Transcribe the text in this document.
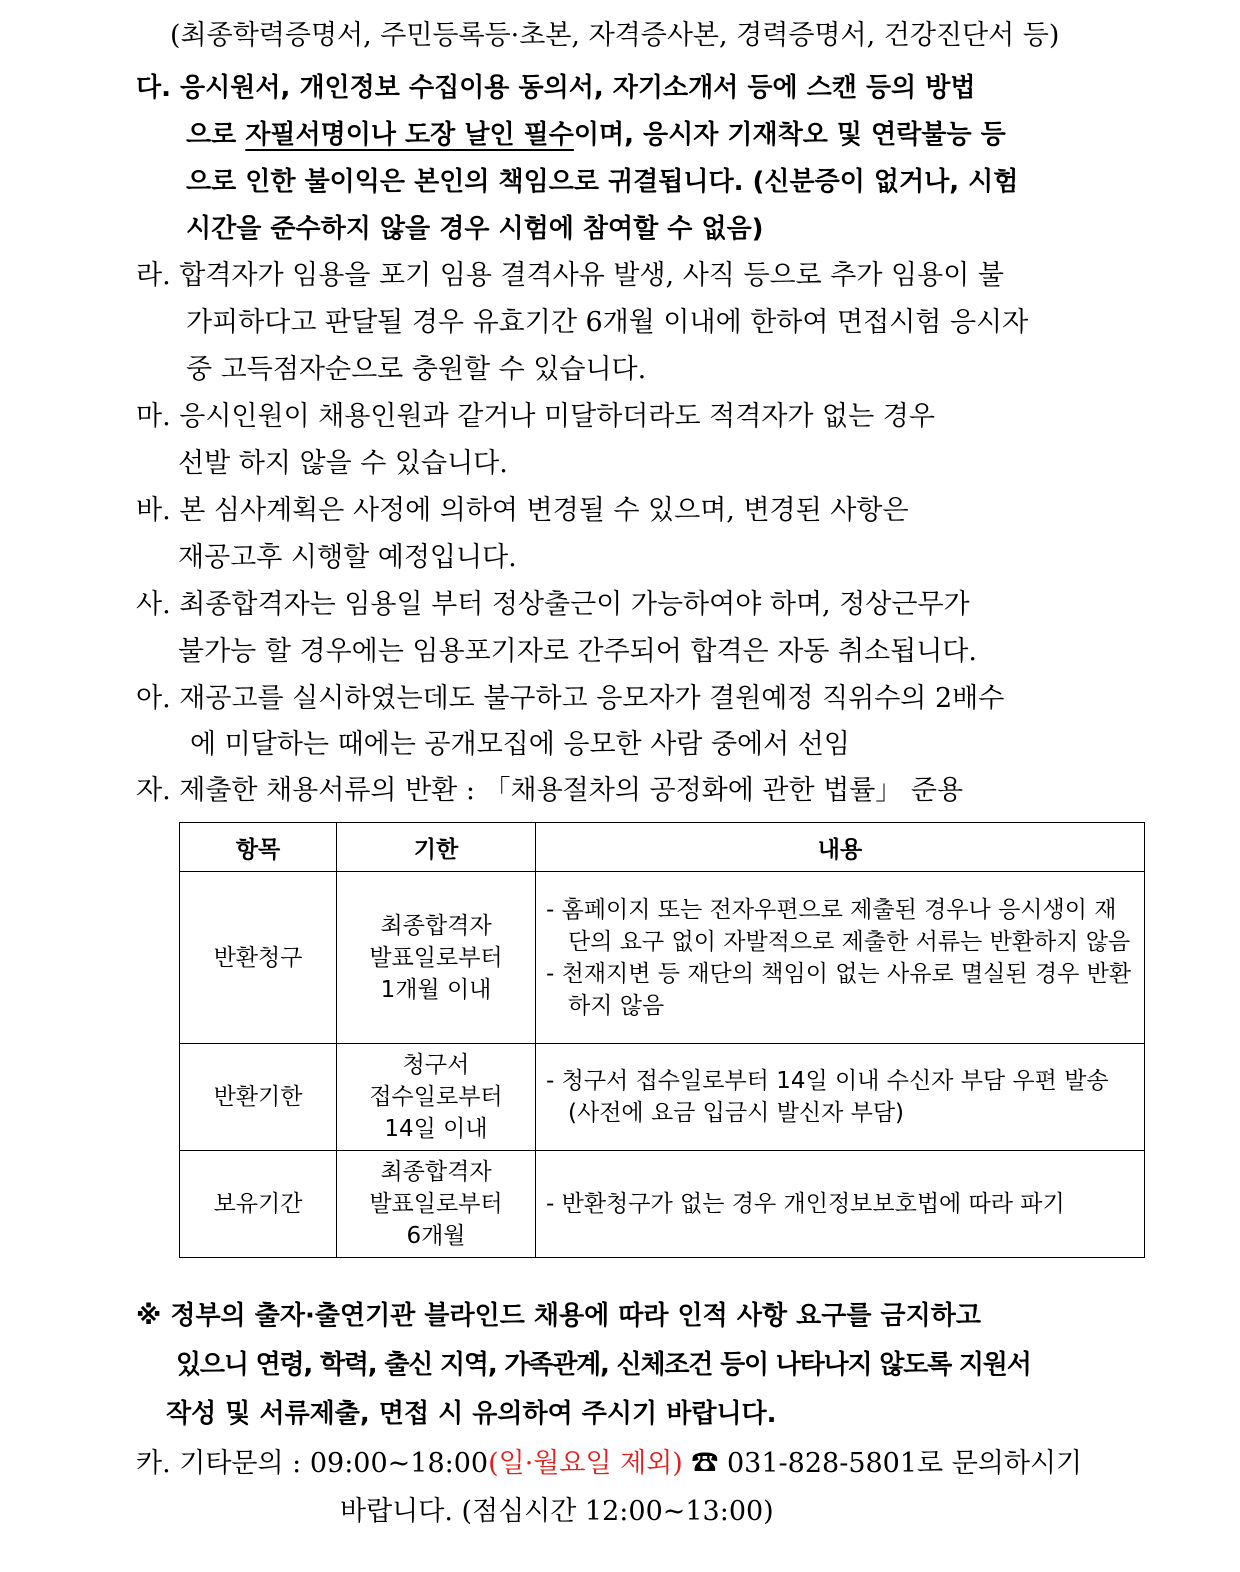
(최종학력증명서, 주민등록등·초본, 자격증사본, 경력증명서, 건강진단서 등)
다. 응시원서, 개인정보 수집이용 동의서, 자기소개서 등에 스캔 등의 방법
으로 자필서명이나 도장 날인 필수이며, 응시자 기재착오 및 연락불능 등
으로 인한 불이익은 본인의 책임으로 귀결됩니다. (신분증이 없거나, 시험
시간을 준수하지 않을 경우 시험에 참여할 수 없음)
라. 합격자가 임용을 포기 임용 결격사유 발생, 사직 등으로 추가 임용이 불
가피하다고 판달될 경우 유효기간 6개월 이내에 한하여 면접시험 응시자
중 고득점자순으로 충원할 수 있습니다.
마. 응시인원이 채용인원과 같거나 미달하더라도 적격자가 없는 경우
선발 하지 않을 수 있습니다.
바. 본 심사계획은 사정에 의하여 변경될 수 있으며, 변경된 사항은
재공고후 시행할 예정입니다.
사. 최종합격자는 임용일 부터 정상출근이 가능하여야 하며, 정상근무가
불가능 할 경우에는 임용포기자로 간주되어 합격은 자동 취소됩니다.
아. 재공고를 실시하였는데도 불구하고 응모자가 결원예정 직위수의 2배수
에 미달하는 때에는 공개모집에 응모한 사람 중에서 선임
자. 제출한 채용서류의 반환 : 「채용절차의 공정화에 관한 법률」 준용
항목	기한	내용
반환청구	최종합격자
발표일로부터
1개월 이내	- 홈페이지 또는 전자우편으로 제출된 경우나 응시생이 재단의 요구 없이 자발적으로 제출한 서류는 반환하지 않음
- 천재지변 등 재단의 책임이 없는 사유로 멸실된 경우 반환하지 않음

반환기한	청구서
접수일로부터
14일 이내	- 청구서 접수일로부터 14일 이내 수신자 부담 우편 발송(사전에 요금 입금시 발신자 부담)

보유기간	최종합격자
발표일로부터
6개월	- 반환청구가 없는 경우 개인정보보호법에 따라 파기
※ 정부의 출자·출연기관 블라인드 채용에 따라 인적 사항 요구를 금지하고
있으니 연령, 학력, 출신 지역, 가족관계, 신체조건 등이 나타나지 않도록 지원서
작성 및 서류제출, 면접 시 유의하여 주시기 바랍니다.
카. 기타문의 : 09:00~18:00(일·월요일 제외) ☎ 031-828-5801로 문의하시기
바랍니다. (점심시간 12:00~13:00)
